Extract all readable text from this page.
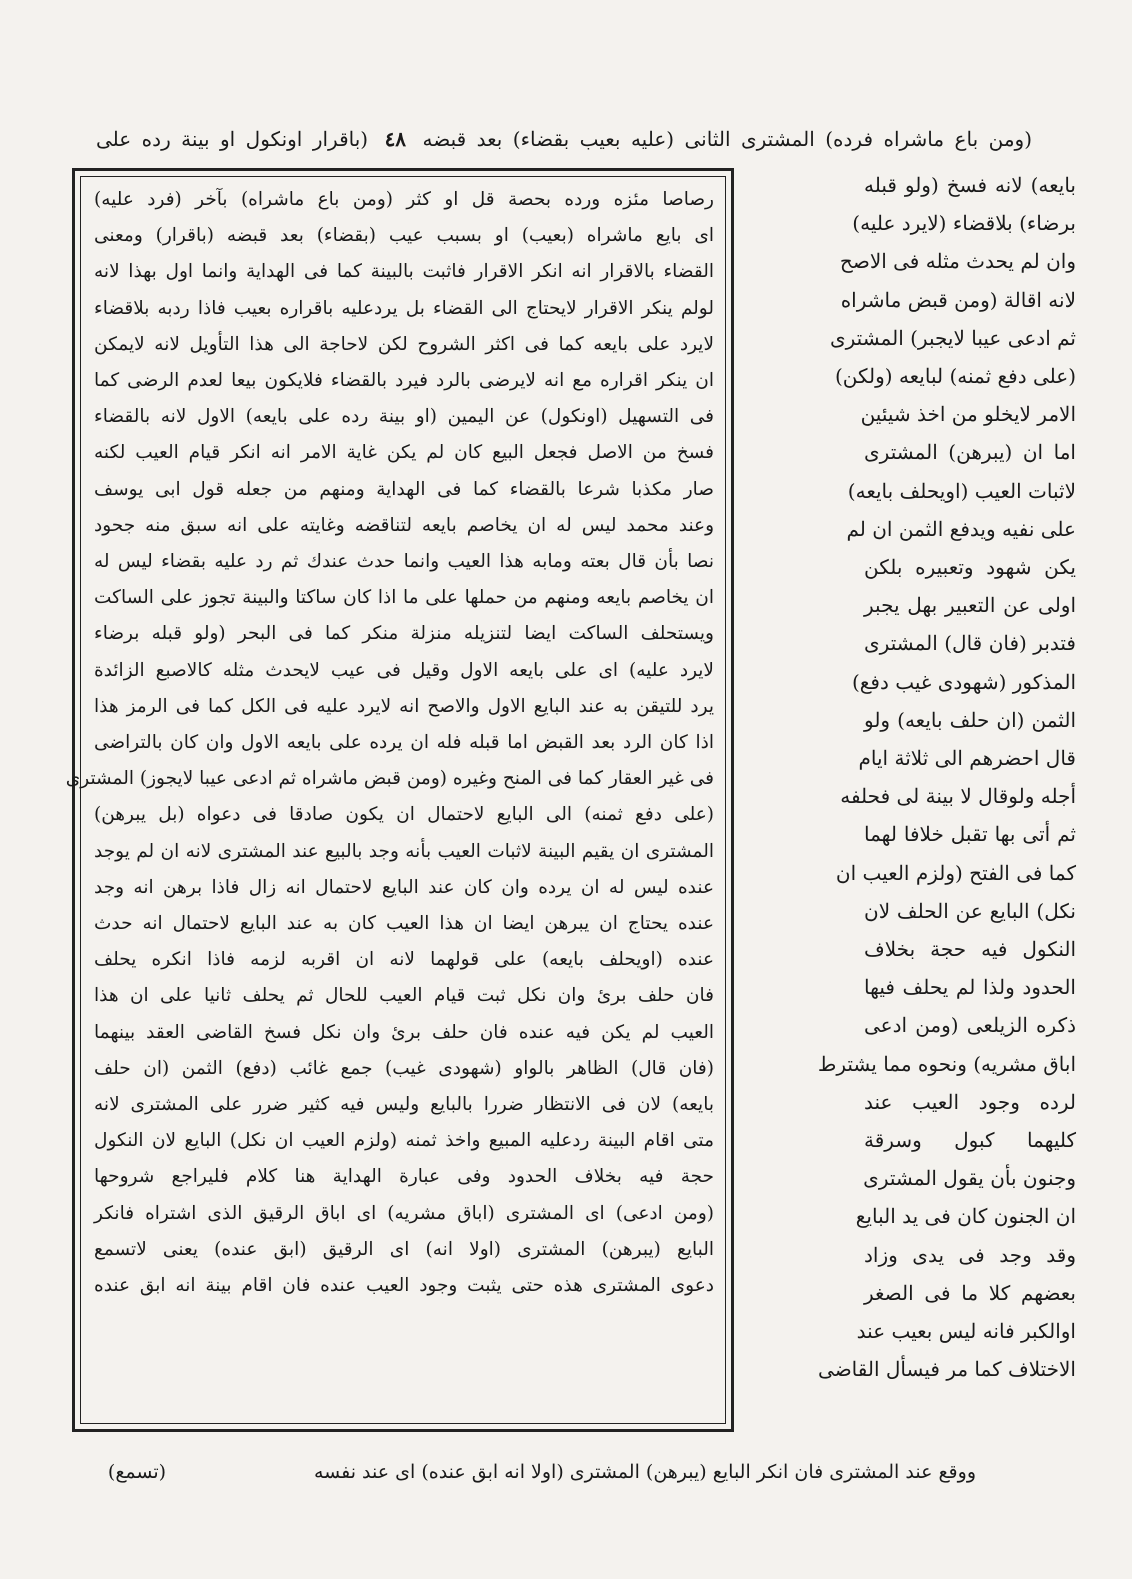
(ومن باع ماشراه فرده) المشترى الثانى (عليه بعيب بقضاء) بعد قبضه ٤٨ (باقرار اونكول او بينة رده على
بايعه) لانه فسخ (ولو قبله
برضاء) بلاقضاء (لايرد عليه)
وان لم يحدث مثله فى الاصح
لانه اقالة (ومن قبض ماشراه
ثم ادعى عيبا لايجبر) المشترى
(على دفع ثمنه) لبايعه (ولكن)
الامر لايخلو من اخذ شيئين
اما ان (يبرهن) المشترى
لاثبات العيب (اويحلف بايعه)
على نفيه ويدفع الثمن ان لم
يكن شهود وتعبيره بلكن
اولى عن التعبير بهل يجبر
فتدبر (فان قال) المشترى
المذكور (شهودى غيب دفع)
الثمن (ان حلف بايعه) ولو
قال احضرهم الى ثلاثة ايام
أجله ولوقال لا بينة لى فحلفه
ثم أتى بها تقبل خلافا لهما
كما فى الفتح (ولزم العيب ان
نكل) البايع عن الحلف لان
النكول فيه حجة بخلاف
الحدود ولذا لم يحلف فيها
ذكره الزيلعى (ومن ادعى
اباق مشريه) ونحوه مما يشترط
لرده وجود العيب عند
كليهما كبول وسرقة
وجنون بأن يقول المشترى
ان الجنون كان فى يد البايع
وقد وجد فى يدى وزاد
بعضهم كلا ما فى الصغر
اوالكبر فانه ليس بعيب عند
الاختلاف كما مر فيسأل القاضى
رصاصا مئزه ورده بحصة قل او كثر (ومن باع ماشراه) بآخر (فرد عليه)
اى بايع ماشراه (بعيب) او بسبب عيب (بقضاء) بعد قبضه (باقرار) ومعنى
القضاء بالاقرار انه انكر الاقرار فاثبت بالبينة كما فى الهداية وانما اول بهذا لانه
لولم ينكر الاقرار لايحتاج الى القضاء بل يردعليه باقراره بعيب فاذا ردبه بلاقضاء
لايرد على بايعه كما فى اكثر الشروح لكن لاحاجة الى هذا التأويل لانه لايمكن
ان ينكر اقراره مع انه لايرضى بالرد فيرد بالقضاء فلايكون بيعا لعدم الرضى كما
فى التسهيل (اونكول) عن اليمين (او بينة رده على بايعه) الاول لانه بالقضاء
فسخ من الاصل فجعل البيع كان لم يكن غاية الامر انه انكر قيام العيب لكنه
صار مكذبا شرعا بالقضاء كما فى الهداية ومنهم من جعله قول ابى يوسف
وعند محمد ليس له ان يخاصم بايعه لتناقضه وغايته على انه سبق منه جحود
نصا بأن قال بعته ومابه هذا العيب وانما حدث عندك ثم رد عليه بقضاء ليس له
ان يخاصم بايعه ومنهم من حملها على ما اذا كان ساكتا والبينة تجوز على الساكت
ويستحلف الساكت ايضا لتنزيله منزلة منكر كما فى البحر (ولو قبله برضاء
لايرد عليه) اى على بايعه الاول وقيل فى عيب لايحدث مثله كالاصبع الزائدة
يرد للتيقن به عند البايع الاول والاصح انه لايرد عليه فى الكل كما فى الرمز هذا
اذا كان الرد بعد القبض اما قبله فله ان يرده على بايعه الاول وان كان بالتراضى
فى غير العقار كما فى المنح وغيره (ومن قبض ماشراه ثم ادعى عيبا لايجوز) المشترى
(على دفع ثمنه) الى البايع لاحتمال ان يكون صادقا فى دعواه (بل يبرهن)
المشترى ان يقيم البينة لاثبات العيب بأنه وجد بالبيع عند المشترى لانه ان لم يوجد
عنده ليس له ان يرده وان كان عند البايع لاحتمال انه زال فاذا برهن انه وجد
عنده يحتاج ان يبرهن ايضا ان هذا العيب كان به عند البايع لاحتمال انه حدث
عنده (اويحلف بايعه) على قولهما لانه ان اقربه لزمه فاذا انكره يحلف
فان حلف برئ وان نكل ثبت قيام العيب للحال ثم يحلف ثانيا على ان هذا
العيب لم يكن فيه عنده فان حلف برئ وان نكل فسخ القاضى العقد بينهما
(فان قال) الظاهر بالواو (شهودى غيب) جمع غائب (دفع) الثمن (ان حلف
بايعه) لان فى الانتظار ضررا بالبايع وليس فيه كثير ضرر على المشترى لانه
متى اقام البينة ردعليه المبيع واخذ ثمنه (ولزم العيب ان نكل) البايع لان النكول
حجة فيه بخلاف الحدود وفى عبارة الهداية هنا كلام فليراجع شروحها
(ومن ادعى) اى المشترى (اباق مشريه) اى اباق الرقيق الذى اشتراه فانكر
البايع (يبرهن) المشترى (اولا انه) اى الرقيق (ابق عنده) يعنى لاتسمع
دعوى المشترى هذه حتى يثبت وجود العيب عنده فان اقام بينة انه ابق عنده
ووقع عند المشترى فان انكر البايع (يبرهن) المشترى (اولا انه ابق عنده) اى عند نفسه
(تسمع)
